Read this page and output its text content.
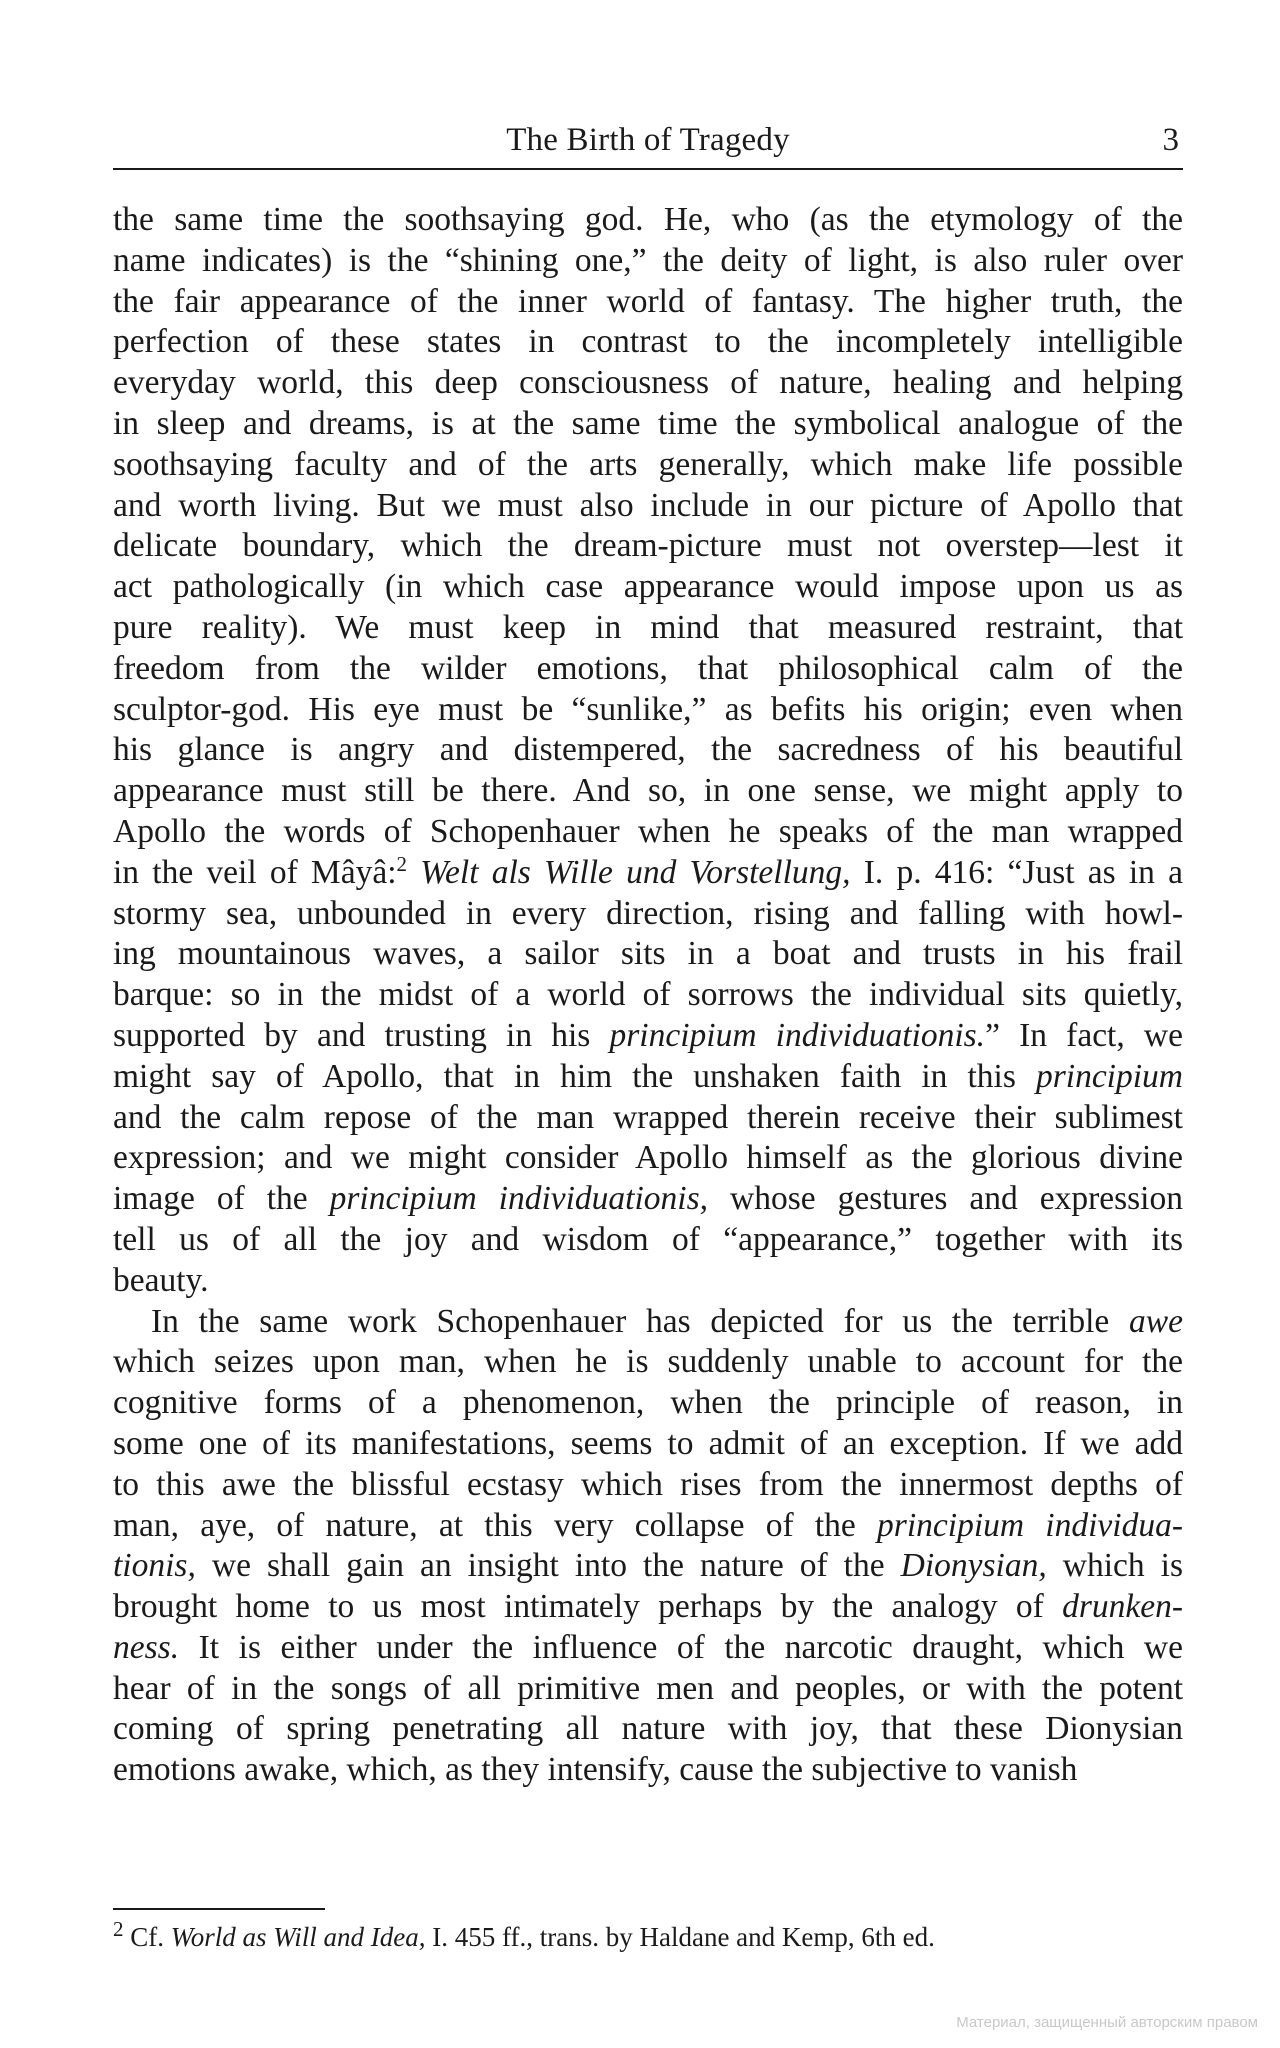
The Birth of Tragedy	3

the same time the soothsaying god. He, who (as the etymology of the
name indicates) is the “shining one,” the deity of light, is also ruler over
the fair appearance of the inner world of fantasy. The higher truth, the
perfection of these states in contrast to the incompletely intelligible
everyday world, this deep consciousness of nature, healing and helping
in sleep and dreams, is at the same time the symbolical analogue of the
soothsaying faculty and of the arts generally, which make life possible
and worth living. But we must also include in our picture of Apollo that
delicate boundary, which the dream-picture must not overstep—lest it
act pathologically (in which case appearance would impose upon us as
pure reality). We must keep in mind that measured restraint, that
freedom from the wilder emotions, that philosophical calm of the
sculptor-god. His eye must be “sunlike,” as befits his origin; even when
his glance is angry and distempered, the sacredness of his beautiful
appearance must still be there. And so, in one sense, we might apply to
Apollo the words of Schopenhauer when he speaks of the man wrapped
in the veil of Mâyâ:$^2$ Welt als Wille und Vorstellung, I. p. 416: “Just as in a
stormy sea, unbounded in every direction, rising and falling with howl-
ing mountainous waves, a sailor sits in a boat and trusts in his frail
barque: so in the midst of a world of sorrows the individual sits quietly,
supported by and trusting in his principium individuationis.” In fact, we
might say of Apollo, that in him the unshaken faith in this principium
and the calm repose of the man wrapped therein receive their sublimest
expression; and we might consider Apollo himself as the glorious divine
image of the principium individuationis, whose gestures and expression
tell us of all the joy and wisdom of “appearance,” together with its
beauty.

In the same work Schopenhauer has depicted for us the terrible awe
which seizes upon man, when he is suddenly unable to account for the
cognitive forms of a phenomenon, when the principle of reason, in
some one of its manifestations, seems to admit of an exception. If we add
to this awe the blissful ecstasy which rises from the innermost depths of
man, aye, of nature, at this very collapse of the principium individua-
tionis, we shall gain an insight into the nature of the Dionysian, which is
brought home to us most intimately perhaps by the analogy of drunken-
ness. It is either under the influence of the narcotic draught, which we
hear of in the songs of all primitive men and peoples, or with the potent
coming of spring penetrating all nature with joy, that these Dionysian
emotions awake, which, as they intensify, cause the subjective to vanish

$^2$ Cf. World as Will and Idea, I. 455 ff., trans. by Haldane and Kemp, 6th ed.
Материал, защищенный авторским правом
